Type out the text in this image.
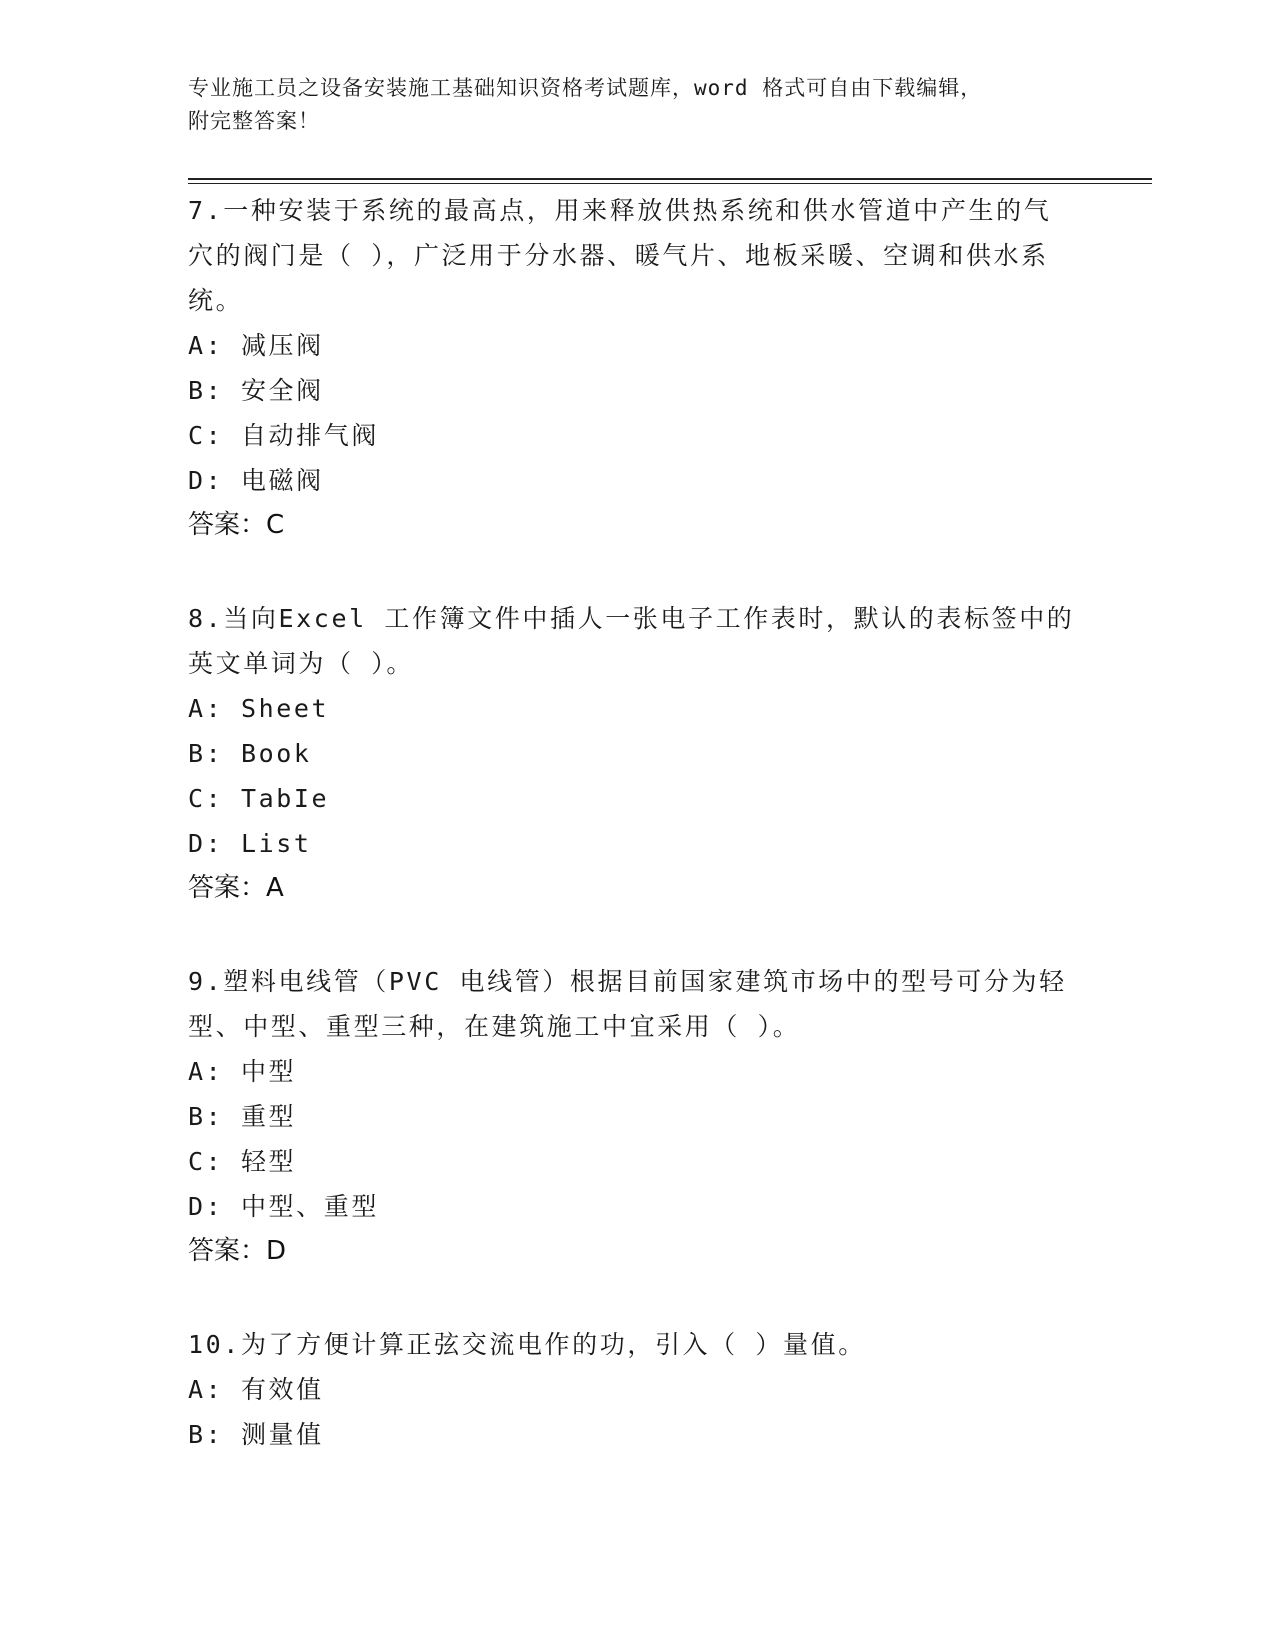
专业施工员之设备安装施工基础知识资格考试题库，word 格式可自由下载编辑，
附完整答案！

7.一种安装于系统的最高点，用来释放供热系统和供水管道中产生的气穴的阀门是（ ），广泛用于分水器、暖气片、地板采暖、空调和供水系统。

A: 减压阀

B: 安全阀

C: 自动排气阀

D: 电磁阀

答案：C

8.当向Excel 工作簿文件中插人一张电子工作表时，默认的表标签中的英文单词为（ ）。

A: Sheet

B: Book

C: TabIe

D: List

答案：A

9.塑料电线管（PVC 电线管）根据目前国家建筑市场中的型号可分为轻型、中型、重型三种，在建筑施工中宜采用（ ）。

A: 中型

B: 重型

C: 轻型

D: 中型、重型

答案：D

10.为了方便计算正弦交流电作的功，引入（ ）量值。

A: 有效值

B: 测量值
